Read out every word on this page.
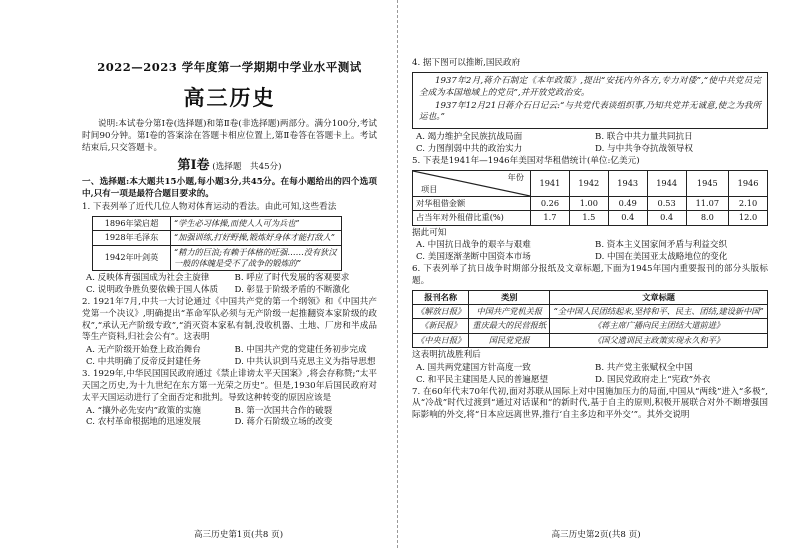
2022—2023 学年度第一学期期中学业水平测试
高三历史

说明:本试卷分第Ⅰ卷(选择题)和第Ⅱ卷(非选择题)两部分。满分100分,考试时间90分钟。第Ⅰ卷的答案涂在答题卡相应位置上,第Ⅱ卷答在答题卡上。考试结束后,只交答题卡。

第Ⅰ卷 (选择题　共45分)

一、选择题:本大题共15小题,每小题3分,共45分。在每小题给出的四个选项中,只有一项是最符合题目要求的。

1. 下表列举了近代几位人物对体育运动的看法。由此可知,这些看法

1896年梁启超	“学生必习体操,而使人人可为兵也”
1928年毛泽东	“加强训练,打好野操,锻炼好身体才能打敌人”
1942年叶剑英	“精力的巨浪;有赖于体格的旺强……没有狄汉一般的体魄是受不了战争的锻炼的”
A. 反映体育强国成为社会主旋律	B. 呼应了时代发展的客观要求
C. 说明政争胜负要依赖于国人体质	D. 彰显于阶级矛盾的不断激化

2. 1921年7月,中共一大讨论通过《中国共产党的第一个纲领》和《中国共产党第一个决议》,明确提出“革命军队必须与无产阶级一起推翻资本家阶级的政权”,“承认无产阶级专政”,“消灭资本家私有制,没收机器、土地、厂房和半成品等生产资料,归社会公有”。这表明

A. 无产阶级开始登上政治舞台	B. 中国共产党的党建任务初步完成
C. 中共明确了反帝反封建任务	D. 中共认识到马克思主义为指导思想

3. 1929年,中华民国国民政府通过《禁止诽谤太平天国案》,将会存称赞;“太平天国之历史,为十九世纪在东方第一光荣之历史”。但是,1930年后国民政府对太平天国运动进行了全面否定和批判。导致这种转变的原因应该是

A. “攘外必先安内”政策的实施	B. 第一次国共合作的破裂
C. 农村革命根据地的迅速发展	D. 蒋介石阶级立场的改变
高三历史第1页(共8 页)

4. 据下图可以推断,国民政府

1937年2月,蒋介石制定《本年政策》,提出“安抚内外各方,专力对倭”,“使中共党员完全成为本国地域上的党员”,并开放党政治安。

1937年12月21日蒋介石日记云:“与共党代表谈组织事,乃知共党并无诚意,使之为我所运也。”

A. 竭力维护全民族抗战局面	B. 联合中共力量共同抗日
C. 力图削弱中共的政治实力	D. 与中共争夺抗战领导权

5. 下表是1941年—1946年美国对华租借统计(单位:亿美元)

年份
项目	1941	1942	1943	1944	1945	1946
对华租借金额	0.26	1.00	0.49	0.53	11.07	2.10
占当年对外租借比重(%)	1.7	1.5	0.4	0.4	8.0	12.0

据此可知

A. 中国抗日战争的艰辛与艰难	B. 资本主义国家间矛盾与利益交织
C. 美国逐渐垄断中国资本市场	D. 中国在美国亚太战略地位的变化

6. 下表列举了抗日战争时期部分报纸及文章标题,下面为1945年国内重要报刊的部分头版标题。

报刊名称	类别	文章标题
《解放日报》	中国共产党机关报	“全中国人民团结起来,坚持和平、民主、团结,建设新中国”
《新民报》	重庆最大的民营报纸	《蒋主席广播向民主团结大道前进》
《中央日报》	国民党党报	《国父遗训民主政策实现永久和平》

这表明抗战胜利后

A. 国共两党建国方针高度一致	B. 共产党主张赋权全中国
C. 和平民主建国是人民的普遍愿望	D. 国民党政府走上“宪政”外衣

7. 在60年代末70年代初,面对苏联从国际上对中国施加压力的局面,中国从“两线”进入“多极”,从“冷战”时代过渡到“通过对话谋和”的新时代,基于自主的原则,积极开展联合对外不断增强国际影响的外交,将“日本应远离世界,推行‘自主多边和平外交’”。其外交说明

高三历史第2页(共8 页)
